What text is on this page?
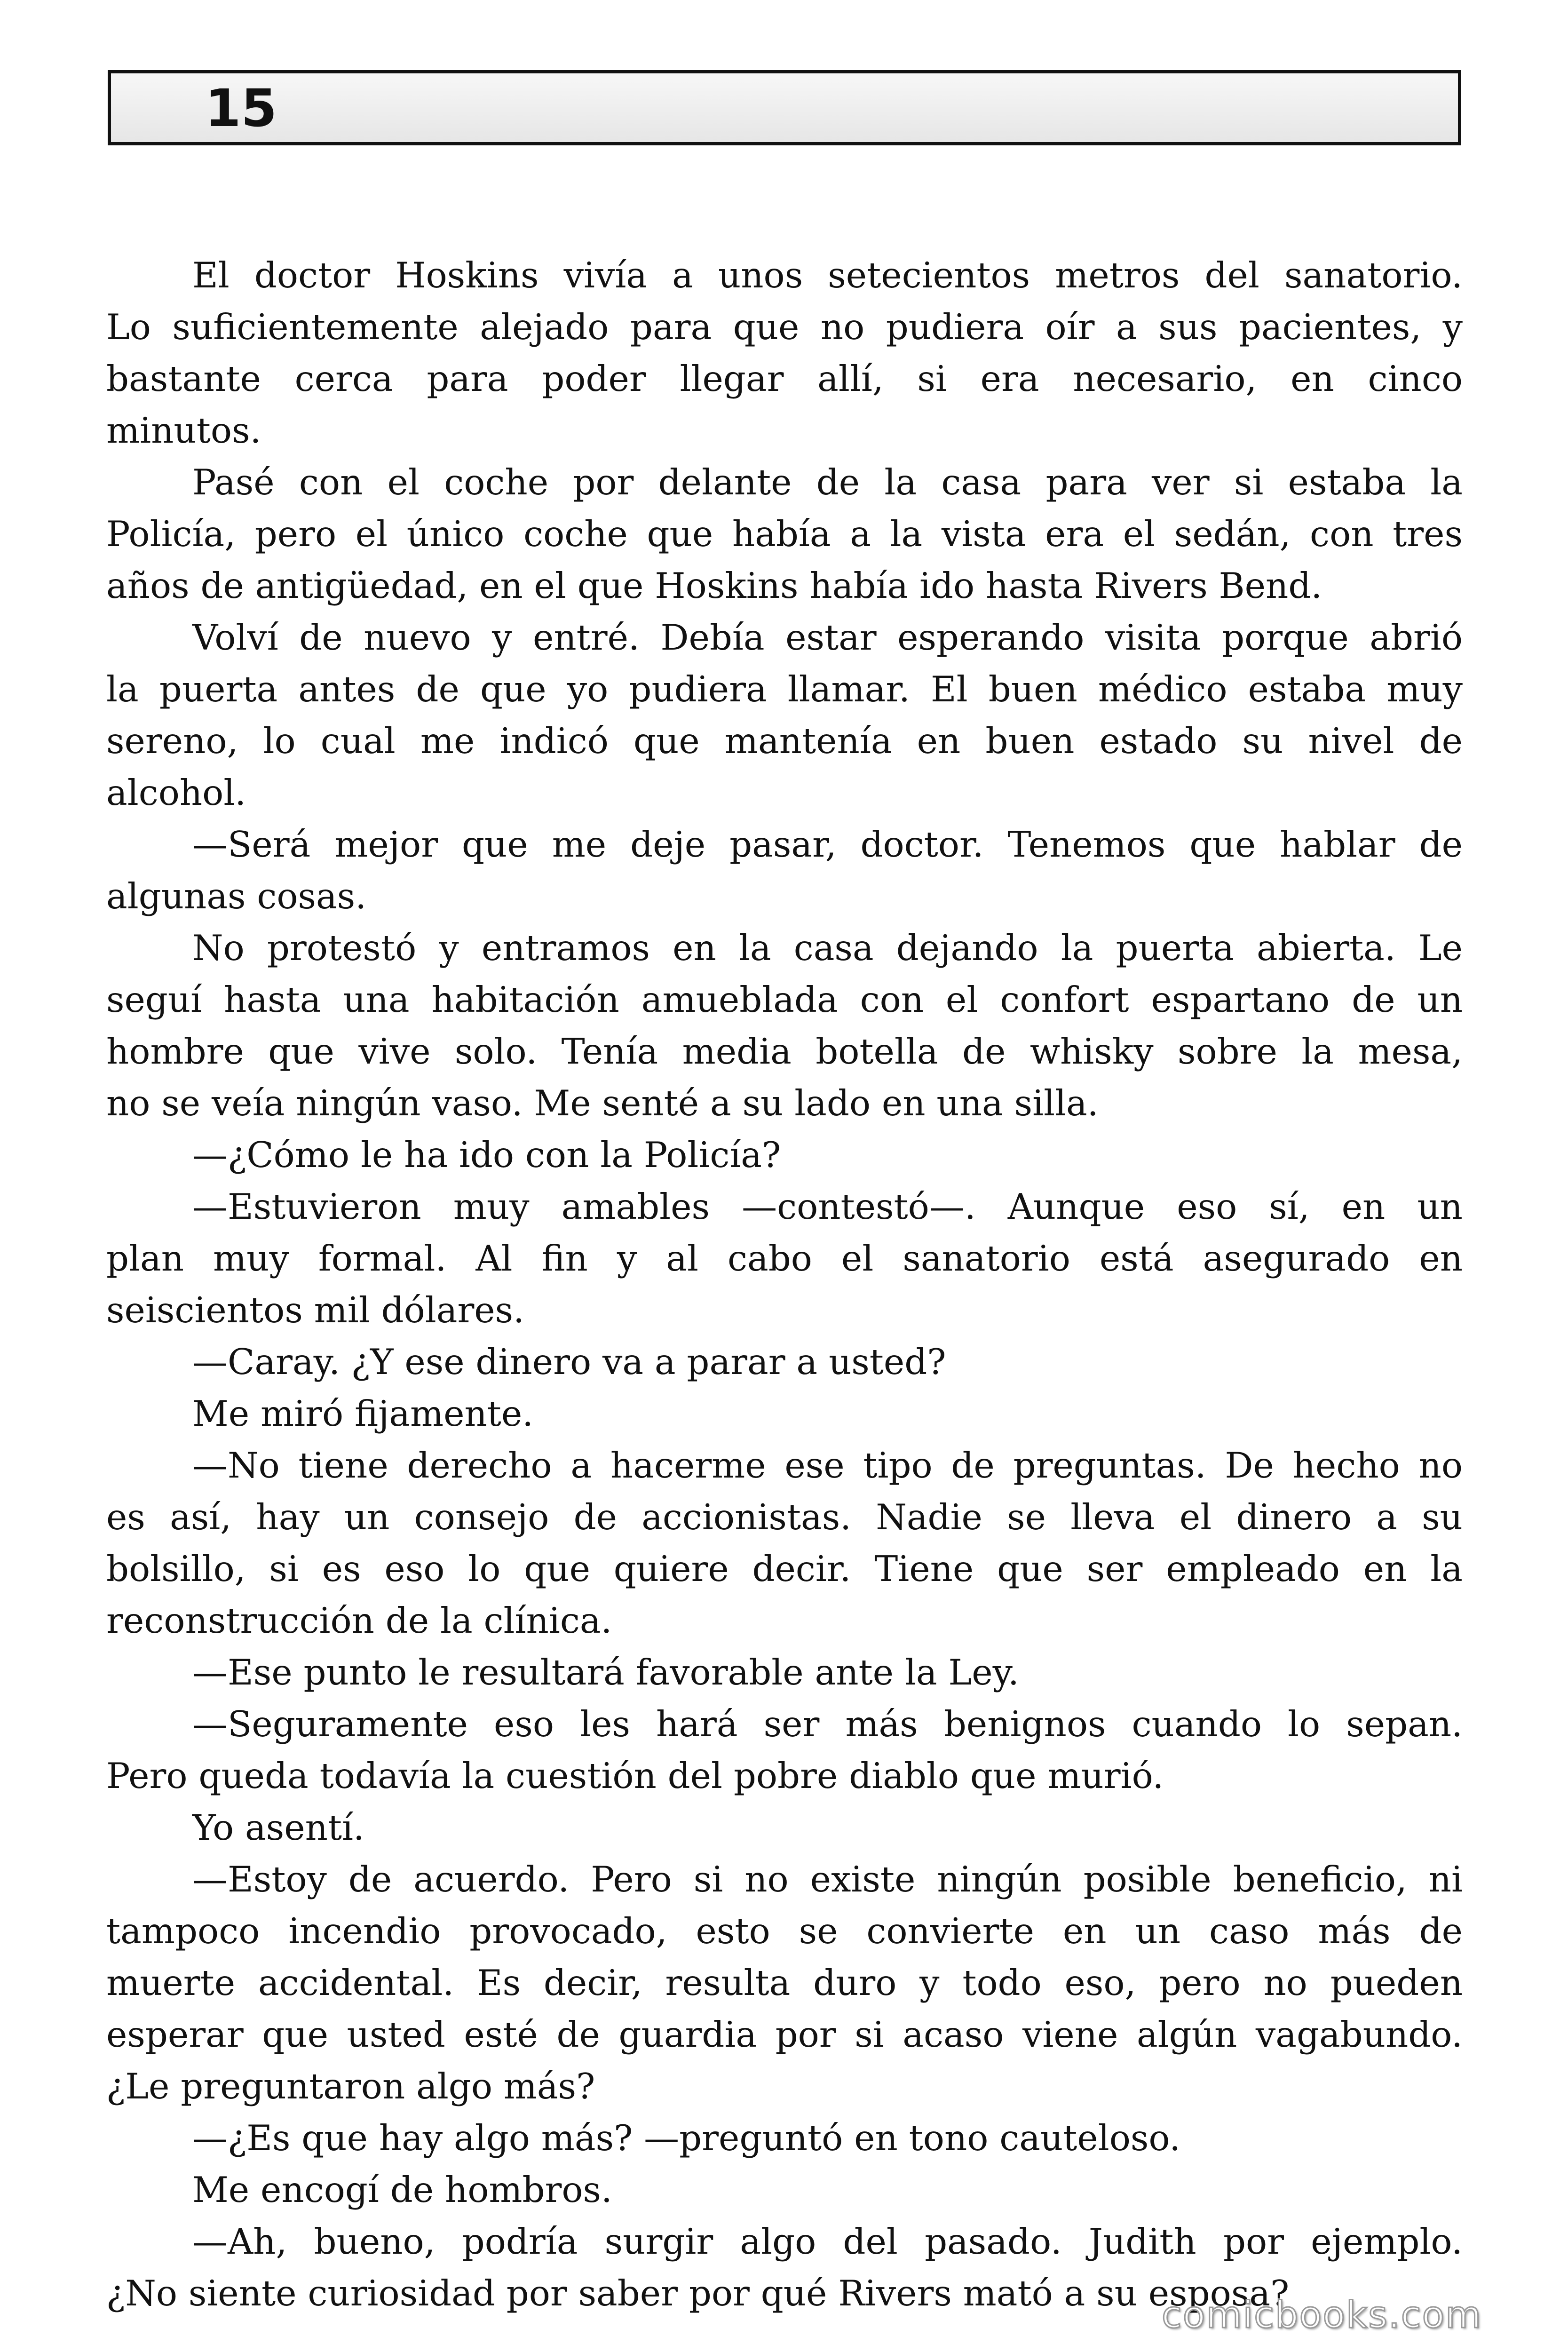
15
El doctor Hoskins vivía a unos setecientos metros del sanatorio.
Lo suficientemente alejado para que no pudiera oír a sus pacientes, y
bastante cerca para poder llegar allí, si era necesario, en cinco
minutos.
Pasé con el coche por delante de la casa para ver si estaba la
Policía, pero el único coche que había a la vista era el sedán, con tres
años de antigüedad, en el que Hoskins había ido hasta Rivers Bend.
Volví de nuevo y entré. Debía estar esperando visita porque abrió
la puerta antes de que yo pudiera llamar. El buen médico estaba muy
sereno, lo cual me indicó que mantenía en buen estado su nivel de
alcohol.
—Será mejor que me deje pasar, doctor. Tenemos que hablar de
algunas cosas.
No protestó y entramos en la casa dejando la puerta abierta. Le
seguí hasta una habitación amueblada con el confort espartano de un
hombre que vive solo. Tenía media botella de whisky sobre la mesa,
no se veía ningún vaso. Me senté a su lado en una silla.
—¿Cómo le ha ido con la Policía?
—Estuvieron muy amables —contestó—. Aunque eso sí, en un
plan muy formal. Al fin y al cabo el sanatorio está asegurado en
seiscientos mil dólares.
—Caray. ¿Y ese dinero va a parar a usted?
Me miró fijamente.
—No tiene derecho a hacerme ese tipo de preguntas. De hecho no
es así, hay un consejo de accionistas. Nadie se lleva el dinero a su
bolsillo, si es eso lo que quiere decir. Tiene que ser empleado en la
reconstrucción de la clínica.
—Ese punto le resultará favorable ante la Ley.
—Seguramente eso les hará ser más benignos cuando lo sepan.
Pero queda todavía la cuestión del pobre diablo que murió.
Yo asentí.
—Estoy de acuerdo. Pero si no existe ningún posible beneficio, ni
tampoco incendio provocado, esto se convierte en un caso más de
muerte accidental. Es decir, resulta duro y todo eso, pero no pueden
esperar que usted esté de guardia por si acaso viene algún vagabundo.
¿Le preguntaron algo más?
—¿Es que hay algo más? —preguntó en tono cauteloso.
Me encogí de hombros.
—Ah, bueno, podría surgir algo del pasado. Judith por ejemplo.
¿No siente curiosidad por saber por qué Rivers mató a su esposa?
comicbooks.com
